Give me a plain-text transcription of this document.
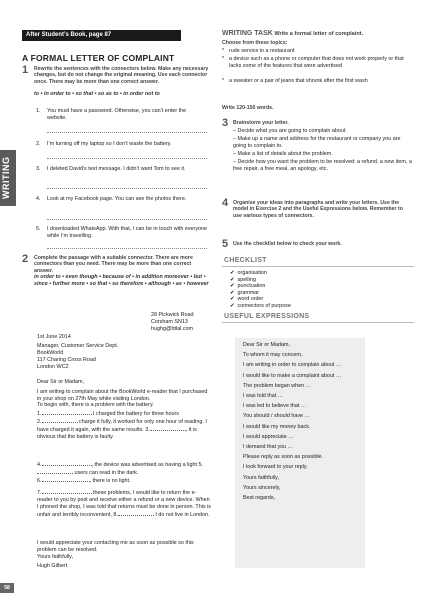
WRITING
58
After Student’s Book, page 87
A FORMAL LETTER OF COMPLAINT
1 Rewrite the sentences with the connectors below. Make any necessary changes, but do not change the original meaning. Use each connector once. There may be more than one correct answer.
to • in order to • so that • so as to • in order not to
1. You must have a password. Otherwise, you can’t enter the website.
2. I’m turning off my laptop so I don’t waste the battery.
3. I deleted David’s text message. I didn’t want Tom to see it.
4. Look at my Facebook page. You can see the photos there.
5. I downloaded WhatsApp. With that, I can be in touch with everyone while I’m travelling.
2 Complete the passage with a suitable connector. There are more connectors than you need. There may be more than one correct answer.
in order to • even though • because of • in addition moreover • but • since • further more • so that • so therefore • although • as • however

28 Pickwick Road

Corsham SN13

hughg@btlal.com

1st June 2014

Manager, Customer Service Dept.

BookWorld

117 Charing Cross Road

London WC2

Dear Sir or Madam,
I am writing to complain about the BookWorld e-reader that I purchased in your shop on 27th May while visiting London.
To begin with, there is a problem with the battery.
1.	I charged the battery for three hours
2.	charge it fully, it worked for only one hour of reading. I have charged it again, with the same results. 3.	, it is obvious that the battery is faulty.
4.	, the device was advertised as having a light 5. users can read in the dark.
6.	, there is no light.
7.	these problems, I would like to return the e-reader to you by post and receive either a refund or a new device. When I phoned the shop, I was told that returns must be done in person. This is unfair and terribly inconvenient, 8.	I do not live in London.
I would appreciate your contacting me as soon as possible so this problem can be resolved.
Yours faithfully,
Hugh Gilbert
WRITING TASK Write a formal letter of complaint.
Choose from these topics:
* rude service in a restaurant
* a device such as a phone or computer that does not work properly or that lacks some of the features that were advertised
* a sweater or a pair of jeans that shrunk after the first wash
Write 120-150 words.
3 Brainstorm your letter.
– Decide what you are going to complain about.
– Make up a name and address for the restaurant or company you are going to complain to.
– Make a list of details about the problem.
– Decide how you want the problem to be resolved: a refund, a new item, a free repair, a free meal, an apology, etc.
4 Organise your ideas into paragraphs and write your letters. Use the model in Exercise 2 and the Useful Expressions below. Remember to use various types of connectors.
5 Use the checklist below to check your work.
CHECKLIST
✔ organisation
✔ spelling
✔ punctuation
✔ grammar
✔ word order
✔ connectors of purpose
USEFUL EXPRESSIONS
Dear Sir or Madam,
To whom it may concern,
I am writing in order to complain about …
I would like to make a complaint about …
The problem began when …
I was told that …
I was led to believe that …
You should / should have …
I would like my money back.
I would appreciate …
I demand that you …
Please reply as soon as possible.
I look forward to your reply.
Yours faithfully,
Yours sincerely,
Best regards,
